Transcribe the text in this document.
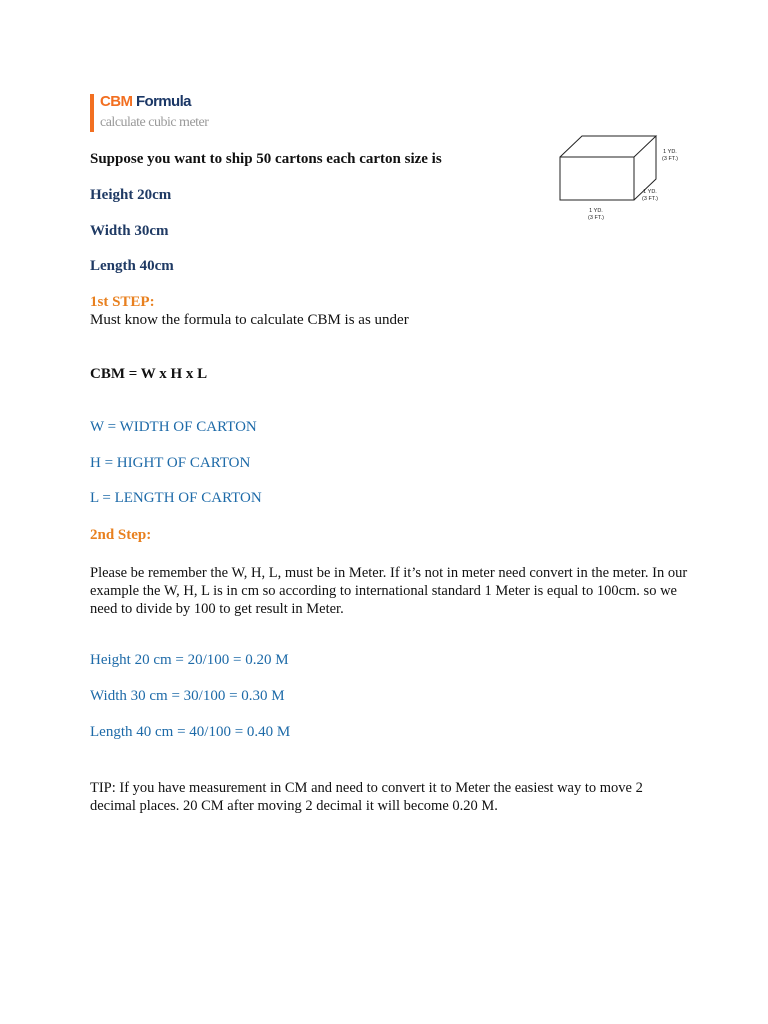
CBM Formula
calculate cubic meter
Suppose you want to ship 50 cartons each carton size is
Height 20cm
Width 30cm
Length 40cm
1st STEP:
Must know the formula to calculate CBM is as under
CBM = W x H x L
W = WIDTH OF CARTON
H = HIGHT OF CARTON
L = LENGTH OF CARTON
2nd Step:
Please be remember the W, H, L, must be in Meter. If it’s not in meter need convert in the meter. In our example the W, H, L is in cm so according to international standard 1 Meter is equal to 100cm. so we need to divide by 100 to get result in Meter.
Height 20 cm = 20/100 = 0.20 M
Width 30 cm = 30/100 = 0.30 M
Length 40 cm = 40/100 = 0.40 M
TIP: If you have measurement in CM and need to convert it to Meter the easiest way to move 2 decimal places. 20 CM after moving 2 decimal it will become 0.20 M.
1 YD.
(3 FT.)
1 YD.
(3 FT.)
1 YD.
(3 FT.)
